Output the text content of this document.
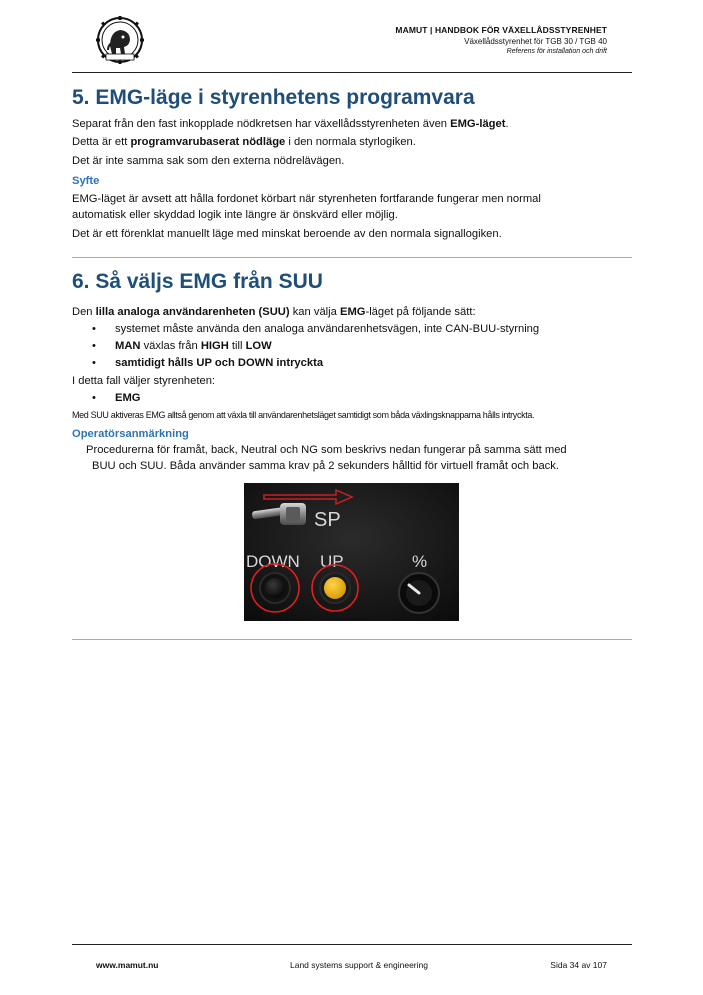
MAMUT | HANDBOK FÖR VÄXELLÅDSSTYRENHET
Växellådsstyrenhet för TGB 30 / TGB 40
Referens för installation och drift
5. EMG-läge i styrenhetens programvara
Separat från den fast inkopplade nödkretsen har växellådsstyrenheten även EMG-läget.
Detta är ett programvarubaserat nödläge i den normala styrlogiken.
Det är inte samma sak som den externa nödrelävägen.
Syfte
EMG-läget är avsett att hålla fordonet körbart när styrenheten fortfarande fungerar men normal
automatisk eller skyddad logik inte längre är önskvärd eller möjlig.
Det är ett förenklat manuellt läge med minskat beroende av den normala signallogiken.
6. Så väljs EMG från SUU
Den lilla analoga användarenheten (SUU) kan välja EMG-läget på följande sätt:
• systemet måste använda den analoga användarenhetsvägen, inte CAN-BUU-styrning
• MAN växlas från HIGH till LOW
• samtidigt hålls UP och DOWN intryckta
I detta fall väljer styrenheten:
• EMG
Med SUU aktiveras EMG alltså genom att växla till användarenhetsläget samtidigt som båda växlingsknapparna hålls intryckta.
Operatörsanmärkning
Procedurerna för framåt, back, Neutral och NG som beskrivs nedan fungerar på samma sätt med
BUU och SUU. Båda använder samma krav på 2 sekunders hålltid för virtuell framåt och back.
SP
DOWN UP	%
www.mamut.nu	Land systems support & engineering	Sida 34 av 107
